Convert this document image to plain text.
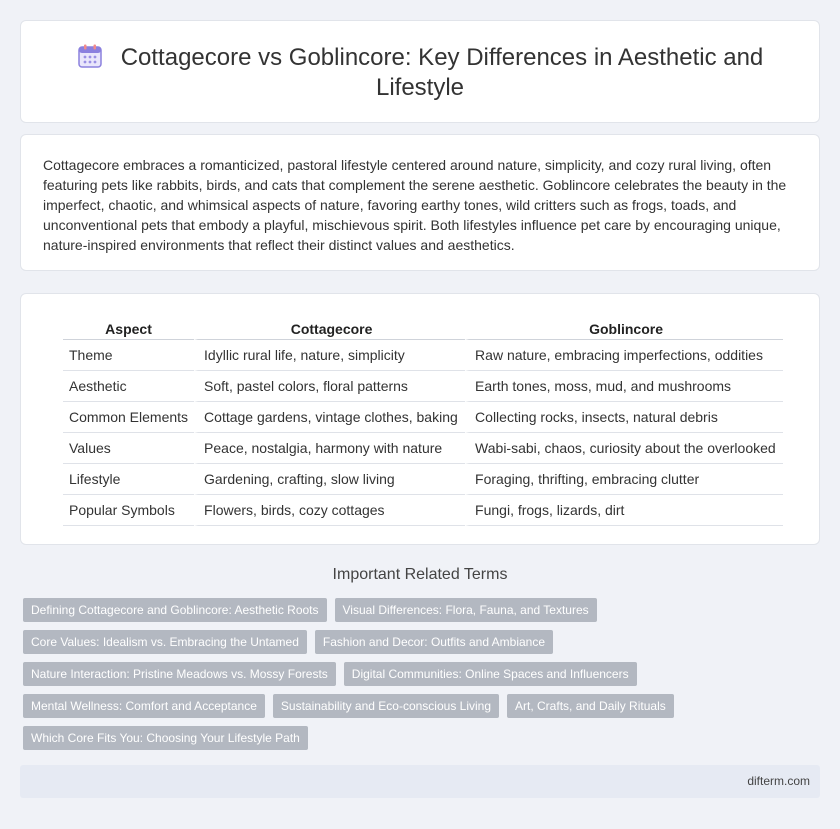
Cottagecore vs Goblincore: Key Differences in Aesthetic and Lifestyle

Cottagecore embraces a romanticized, pastoral lifestyle centered around nature, simplicity, and cozy rural living, often featuring pets like rabbits, birds, and cats that complement the serene aesthetic. Goblincore celebrates the beauty in the imperfect, chaotic, and whimsical aspects of nature, favoring earthy tones, wild critters such as frogs, toads, and unconventional pets that embody a playful, mischievous spirit. Both lifestyles influence pet care by encouraging unique, nature-inspired environments that reflect their distinct values and aesthetics.

Aspect	Cottagecore	Goblincore
Theme	Idyllic rural life, nature, simplicity	Raw nature, embracing imperfections, oddities
Aesthetic	Soft, pastel colors, floral patterns	Earth tones, moss, mud, and mushrooms
Common Elements	Cottage gardens, vintage clothes, baking	Collecting rocks, insects, natural debris
Values	Peace, nostalgia, harmony with nature	Wabi-sabi, chaos, curiosity about the overlooked
Lifestyle	Gardening, crafting, slow living	Foraging, thrifting, embracing clutter
Popular Symbols	Flowers, birds, cozy cottages	Fungi, frogs, lizards, dirt
Important Related Terms
Defining Cottagecore and Goblincore: Aesthetic Roots	Visual Differences: Flora, Fauna, and Textures
Core Values: Idealism vs. Embracing the Untamed	Fashion and Decor: Outfits and Ambiance
Nature Interaction: Pristine Meadows vs. Mossy Forests	Digital Communities: Online Spaces and Influencers
Mental Wellness: Comfort and Acceptance	Sustainability and Eco-conscious Living	Art, Crafts, and Daily Rituals
Which Core Fits You: Choosing Your Lifestyle Path
difterm.com
